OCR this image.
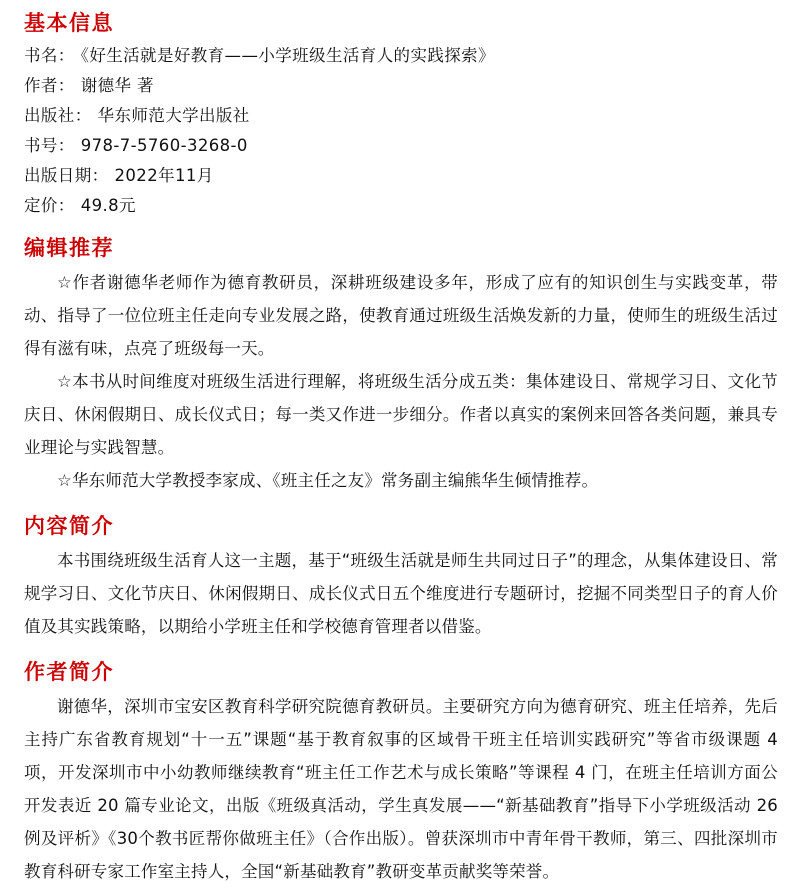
基本信息
书名： 《好生活就是好教育——小学班级生活育人的实践探索》
作者： 谢德华 著
出版社： 华东师范大学出版社
书号： 978-7-5760-3268-0
出版日期： 2022年11月
定价： 49.8元
编辑推荐

☆作者谢德华老师作为德育教研员，深耕班级建设多年，形成了应有的知识创生与实践变革，带动、指导了一位位班主任走向专业发展之路，使教育通过班级生活焕发新的力量，使师生的班级生活过得有滋有味，点亮了班级每一天。

☆本书从时间维度对班级生活进行理解，将班级生活分成五类：集体建设日、常规学习日、文化节庆日、休闲假期日、成长仪式日；每一类又作进一步细分。作者以真实的案例来回答各类问题，兼具专业理论与实践智慧。

☆华东师范大学教授李家成、《班主任之友》常务副主编熊华生倾情推荐。

内容简介

本书围绕班级生活育人这一主题，基于“班级生活就是师生共同过日子”的理念，从集体建设日、常规学习日、文化节庆日、休闲假期日、成长仪式日五个维度进行专题研讨，挖掘不同类型日子的育人价值及其实践策略，以期给小学班主任和学校德育管理者以借鉴。

作者简介

谢德华，深圳市宝安区教育科学研究院德育教研员。主要研究方向为德育研究、班主任培养，先后主持广东省教育规划“十一五”课题“基于教育叙事的区域骨干班主任培训实践研究”等省市级课题 4 项，开发深圳市中小幼教师继续教育“班主任工作艺术与成长策略”等课程 4 门，在班主任培训方面公开发表近 20 篇专业论文，出版《班级真活动，学生真发展——“新基础教育”指导下小学班级活动 26 例及评析》《30个教书匠帮你做班主任》（合作出版）。曾获深圳市中青年骨干教师，第三、四批深圳市教育科研专家工作室主持人，全国“新基础教育”教研变革贡献奖等荣誉。
